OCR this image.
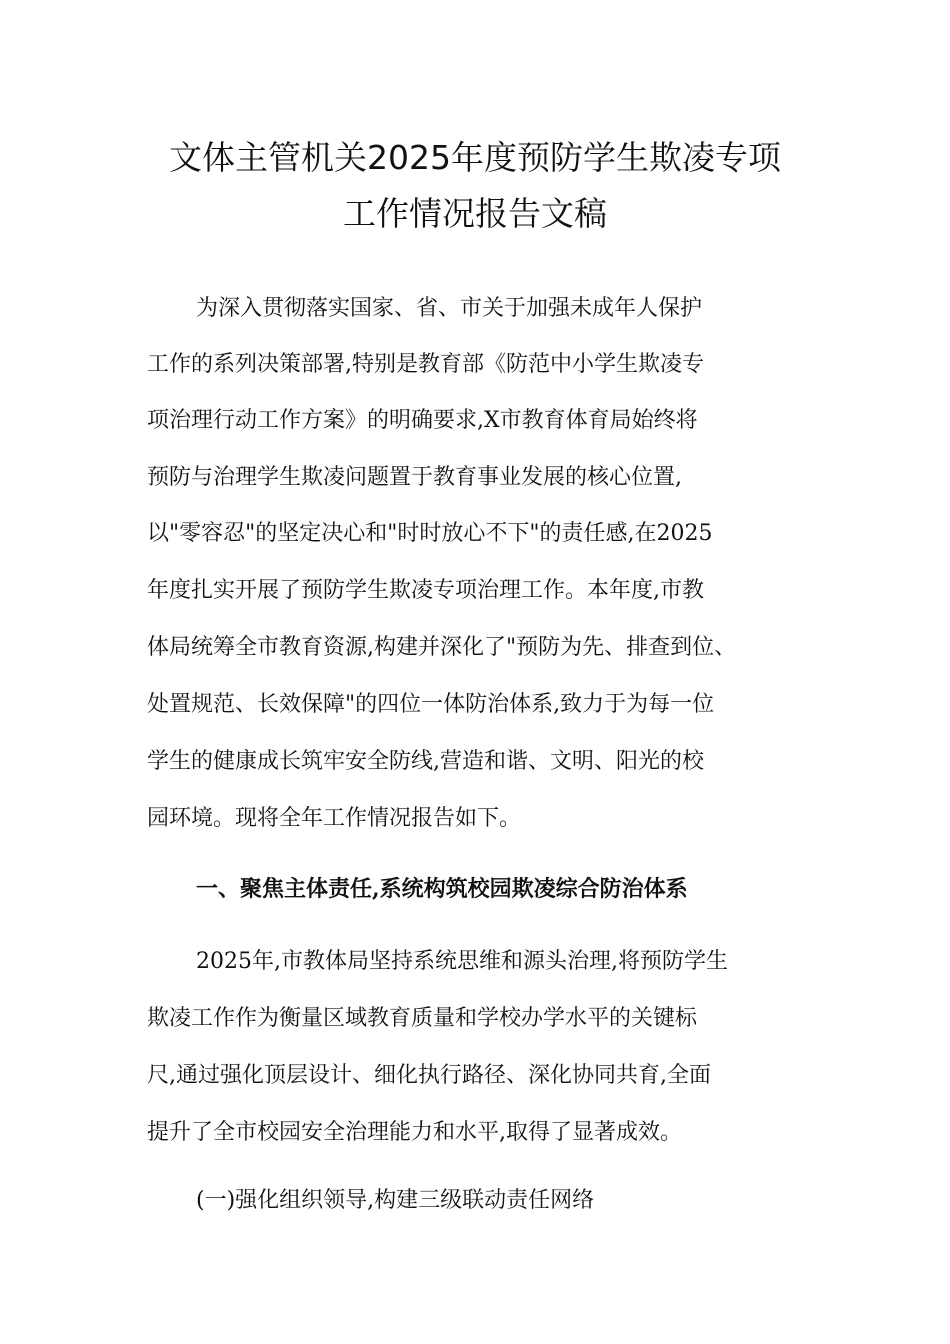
文体主管机关2025年度预防学生欺凌专项
工作情况报告文稿
为深入贯彻落实国家、省、市关于加强未成年人保护
工作的系列决策部署,特别是教育部《防范中小学生欺凌专
项治理行动工作方案》的明确要求,X市教育体育局始终将
预防与治理学生欺凌问题置于教育事业发展的核心位置,
以"零容忍"的坚定决心和"时时放心不下"的责任感,在2025
年度扎实开展了预防学生欺凌专项治理工作。本年度,市教
体局统筹全市教育资源,构建并深化了"预防为先、排查到位、
处置规范、长效保障"的四位一体防治体系,致力于为每一位
学生的健康成长筑牢安全防线,营造和谐、文明、阳光的校
园环境。现将全年工作情况报告如下。
一、聚焦主体责任,系统构筑校园欺凌综合防治体系
2025年,市教体局坚持系统思维和源头治理,将预防学生
欺凌工作作为衡量区域教育质量和学校办学水平的关键标
尺,通过强化顶层设计、细化执行路径、深化协同共育,全面
提升了全市校园安全治理能力和水平,取得了显著成效。
(一)强化组织领导,构建三级联动责任网络
